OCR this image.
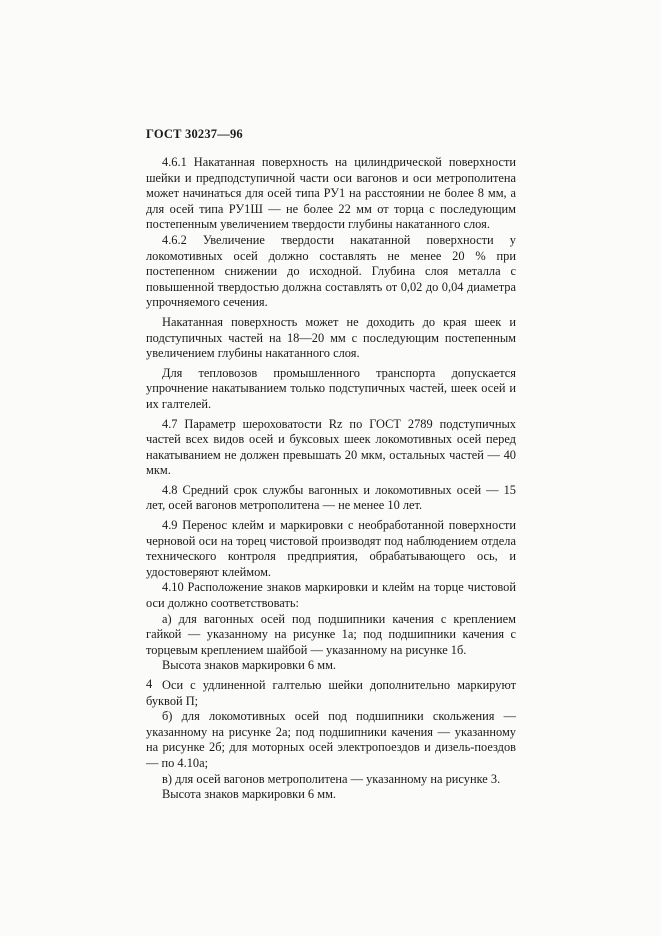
ГОСТ 30237—96

4.6.1 Накатанная поверхность на цилиндрической поверхности шейки и предподступичной части оси вагонов и оси метрополитена может начинаться для осей типа РУ1 на расстоянии не более 8 мм, а для осей типа РУ1Ш — не более 22 мм от торца с последующим постепенным увеличением твердости глубины накатанного слоя.

4.6.2 Увеличение твердости накатанной поверхности у локомотивных осей должно составлять не менее 20 % при постепенном снижении до исходной. Глубина слоя металла с повышенной твердостью должна составлять от 0,02 до 0,04 диаметра упрочняемого сечения.

Накатанная поверхность может не доходить до края шеек и подступичных частей на 18—20 мм с последующим постепенным увеличением глубины накатанного слоя.

Для тепловозов промышленного транспорта допускается упрочнение накатыванием только подступичных частей, шеек осей и их галтелей.

4.7 Параметр шероховатости Rz по ГОСТ 2789 подступичных частей всех видов осей и буксовых шеек локомотивных осей перед накатыванием не должен превышать 20 мкм, остальных частей — 40 мкм.

4.8 Средний срок службы вагонных и локомотивных осей — 15 лет, осей вагонов метрополитена — не менее 10 лет.

4.9 Перенос клейм и маркировки с необработанной поверхности черновой оси на торец чистовой производят под наблюдением отдела технического контроля предприятия, обрабатывающего ось, и удостоверяют клеймом.

4.10 Расположение знаков маркировки и клейм на торце чистовой оси должно соответствовать:

а) для вагонных осей под подшипники качения с креплением гайкой — указанному на рисунке 1а; под подшипники качения с торцевым креплением шайбой — указанному на рисунке 1б.

Высота знаков маркировки 6 мм.

Оси с удлиненной галтелью шейки дополнительно маркируют буквой П;

б) для локомотивных осей под подшипники скольжения — указанному на рисунке 2а; под подшипники качения — указанному на рисунке 2б; для моторных осей электропоездов и дизель-поездов — по 4.10а;

в) для осей вагонов метрополитена — указанному на рисунке 3.

Высота знаков маркировки 6 мм.

4
